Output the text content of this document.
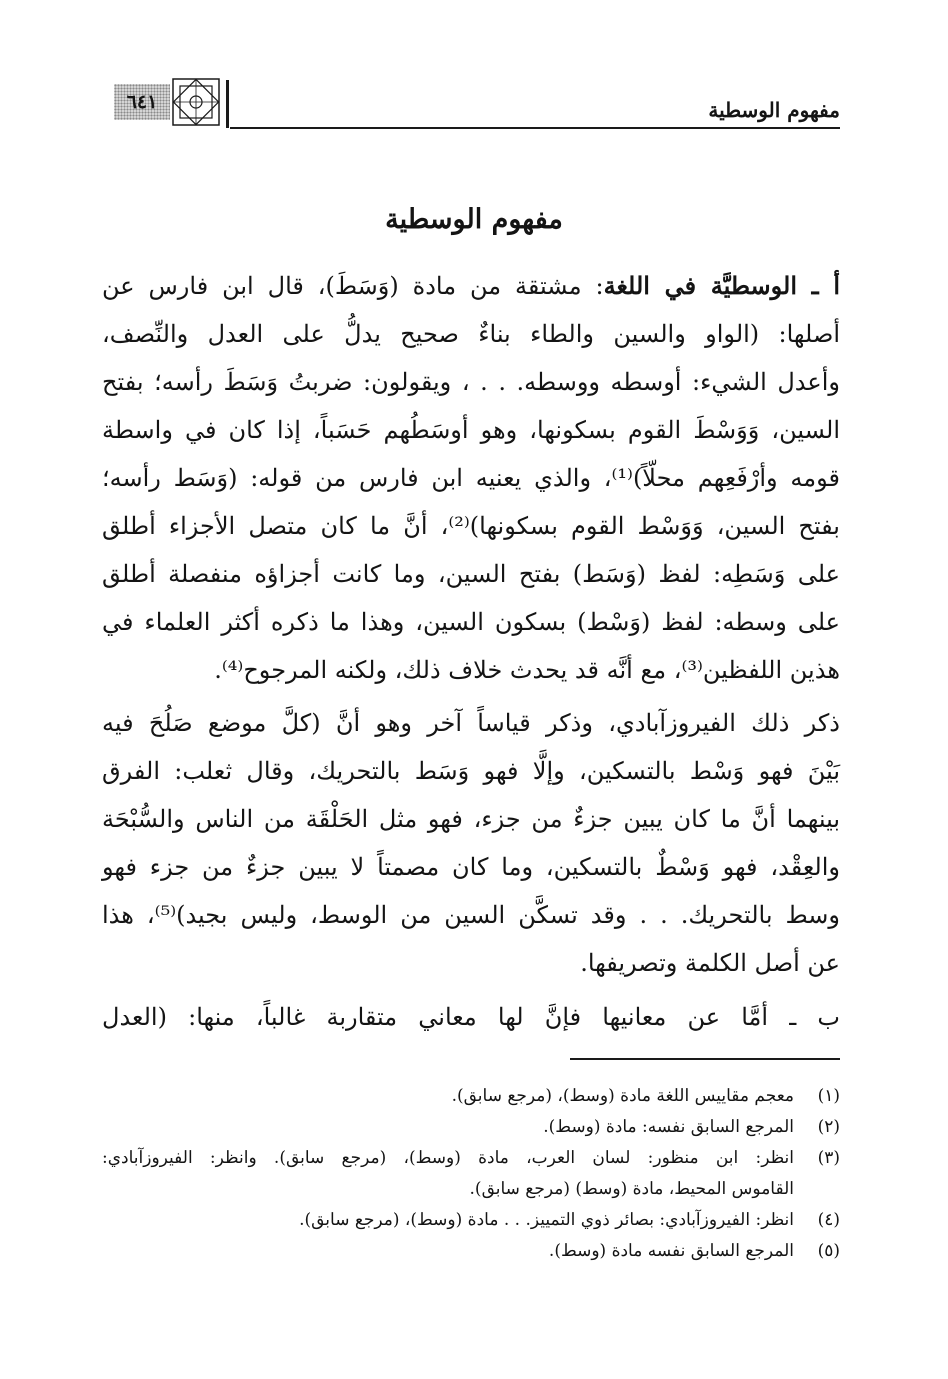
مفهوم الوسطية
٦٤١
مفهوم الوسطية
أ ـ الوسطيَّة في اللغة: مشتقة من مادة (وَسَطَ)، قال ابن فارس عن
أصلها: (الواو والسين والطاء بناءٌ صحيح يدلُّ على العدل والنِّصف،
وأعدل الشيء: أوسطه ووسطه. . . ، ويقولون: ضربتُ وَسَطَ رأسه؛ بفتح
السين، وَوَسْطَ القوم بسكونها، وهو أوسَطُهم حَسَباً، إذا كان في واسطة
قومه وأرْفَعِهم محلّاً)⁽¹⁾، والذي يعنيه ابن فارس من قوله: (وَسَط رأسه؛
بفتح السين، وَوَسْط القوم بسكونها)⁽²⁾، أنَّ ما كان متصل الأجزاء أطلق
على وَسَطِه: لفظ (وَسَط) بفتح السين، وما كانت أجزاؤه منفصلة أطلق
على وسطه: لفظ (وَسْط) بسكون السين، وهذا ما ذكره أكثر العلماء في
هذين اللفظين⁽³⁾، مع أنَّه قد يحدث خلاف ذلك، ولكنه المرجوح⁽⁴⁾.
ذكر ذلك الفيروزآبادي، وذكر قياساً آخر وهو أنَّ (كلَّ موضع صَلُحَ فيه
بَيْنَ فهو وَسْط بالتسكين، وإلَّا فهو وَسَط بالتحريك، وقال ثعلب: الفرق
بينهما أنَّ ما كان يبين جزءٌ من جزء، فهو مثل الحَلْقَة من الناس والسُّبْحَة
والعِقْد، فهو وَسْطٌ بالتسكين، وما كان مصمتاً لا يبين جزءٌ من جزء فهو
وسط بالتحريك. . . وقد تسكَّن السين من الوسط، وليس بجيد)⁽⁵⁾، هذا
عن أصل الكلمة وتصريفها.
ب ـ أمَّا عن معانيها فإنَّ لها معاني متقاربة غالباً، منها: (العدل
(١)
معجم مقاييس اللغة مادة (وسط)، (مرجع سابق).
(٢)
المرجع السابق نفسه: مادة (وسط).
(٣)
انظر: ابن منظور: لسان العرب، مادة (وسط)، (مرجع سابق). وانظر: الفيروزآبادي:
القاموس المحيط، مادة (وسط) (مرجع سابق).
(٤)
انظر: الفيروزآبادي: بصائر ذوي التمييز. . . مادة (وسط)، (مرجع سابق).
(٥)
المرجع السابق نفسه مادة (وسط).
